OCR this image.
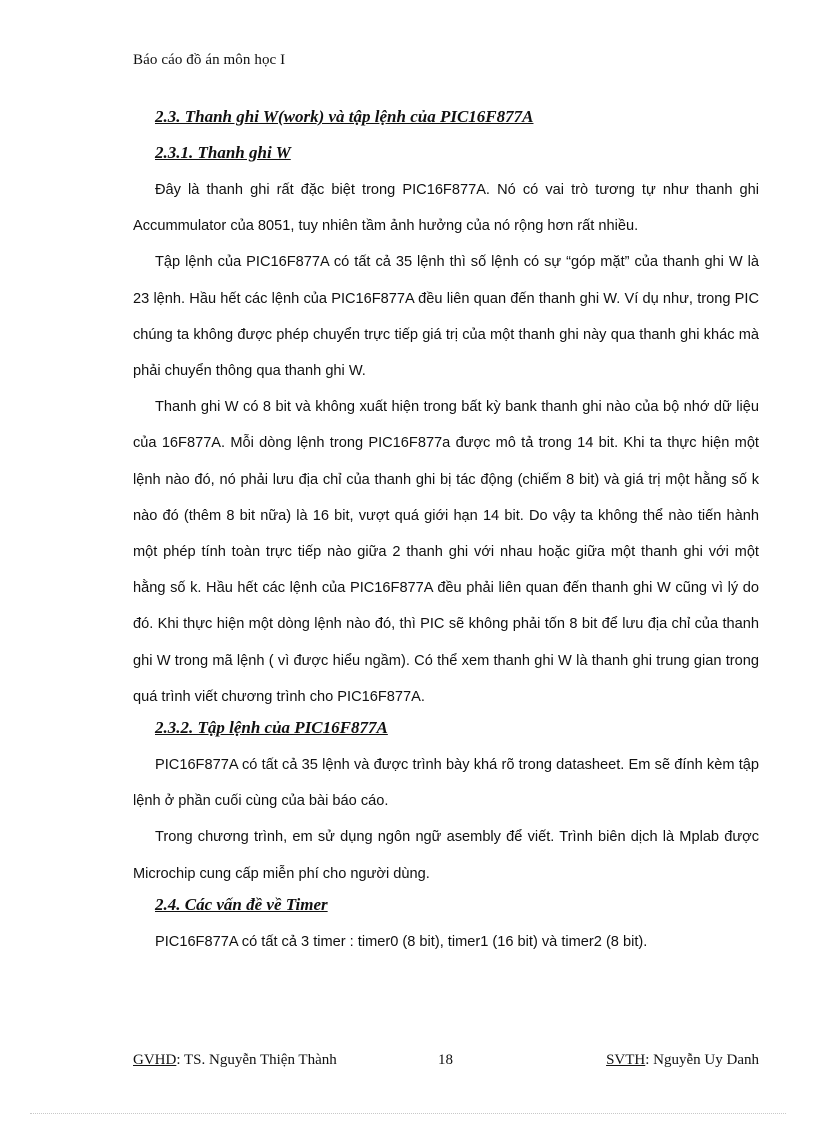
Báo cáo đồ án môn học I
2.3. Thanh ghi W(work) và tập lệnh của PIC16F877A
2.3.1. Thanh ghi W

Đây là thanh ghi rất đặc biệt trong PIC16F877A. Nó có vai trò tương tự như thanh ghi Accummulator của 8051, tuy nhiên tầm ảnh hưởng của nó rộng hơn rất nhiều.

Tập lệnh của PIC16F877A có tất cả 35 lệnh thì số lệnh có sự “góp mặt” của thanh ghi W là 23 lệnh. Hầu hết các lệnh của PIC16F877A đều liên quan đến thanh ghi W. Ví dụ như, trong PIC chúng ta không được phép chuyển trực tiếp giá trị của một thanh ghi này qua thanh ghi khác mà phải chuyển thông qua thanh ghi W.

Thanh ghi W có 8 bit và không xuất hiện trong bất kỳ bank thanh ghi nào của bộ nhớ dữ liệu của 16F877A. Mỗi dòng lệnh trong PIC16F877a được mô tả trong 14 bit. Khi ta thực hiện một lệnh nào đó, nó phải lưu địa chỉ của thanh ghi bị tác động (chiếm 8 bit) và giá trị một hằng số k nào đó (thêm 8 bit nữa) là 16 bit, vượt quá giới hạn 14 bit. Do vậy ta không thể nào tiến hành một phép tính toàn trực tiếp nào giữa 2 thanh ghi với nhau hoặc giữa một thanh ghi với một hằng số k. Hầu hết các lệnh của PIC16F877A đều phải liên quan đến thanh ghi W cũng vì lý do đó. Khi thực hiện một dòng lệnh nào đó, thì PIC sẽ không phải tốn 8 bit để lưu địa chỉ của thanh ghi W trong mã lệnh ( vì được hiểu ngầm). Có thể xem thanh ghi W là thanh ghi trung gian trong quá trình viết chương trình cho PIC16F877A.

2.3.2. Tập lệnh của PIC16F877A

PIC16F877A có tất cả 35 lệnh và được trình bày khá rõ trong datasheet. Em sẽ đính kèm tập lệnh ở phần cuối cùng của bài báo cáo.

Trong chương trình, em sử dụng ngôn ngữ asembly để viết. Trình biên dịch là Mplab được Microchip cung cấp miễn phí cho người dùng.

2.4. Các vấn đề về Timer

PIC16F877A có tất cả 3 timer : timer0 (8 bit), timer1 (16 bit) và timer2 (8 bit).

GVHD: TS. Nguyễn Thiện Thành	18	SVTH: Nguyễn Uy Danh
